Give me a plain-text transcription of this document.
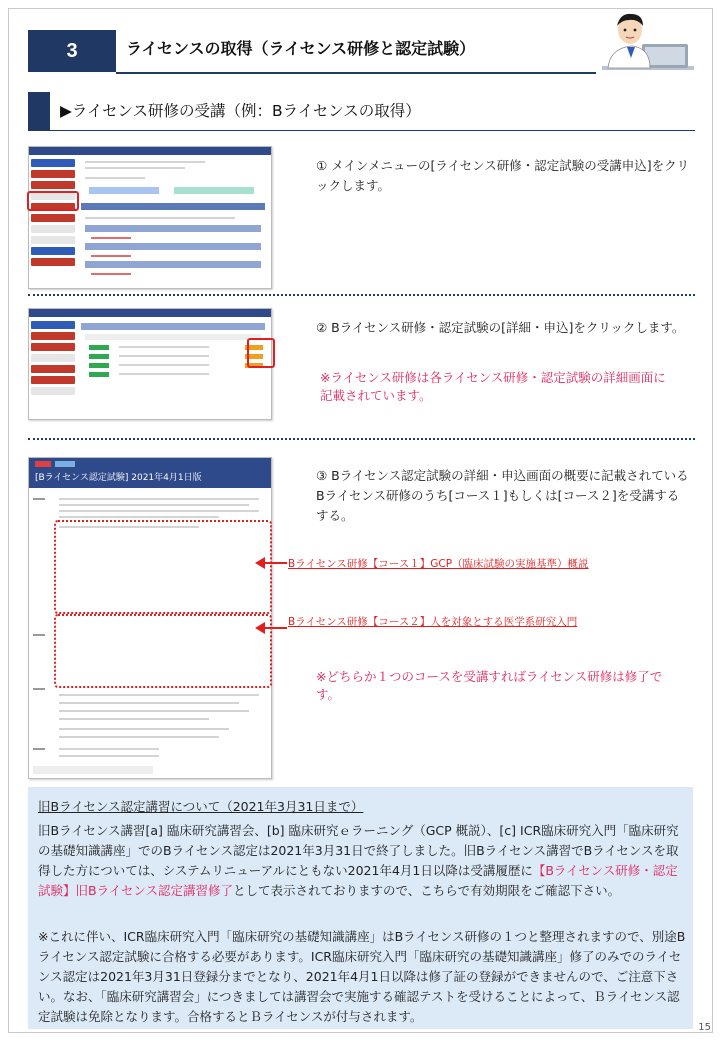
3	ライセンスの取得（ライセンス研修と認定試験）
▶ライセンス研修の受講（例：Bライセンスの取得）
① メインメニューの[ライセンス研修・認定試験の受講申込]をクリックします。
② Bライセンス研修・認定試験の[詳細・申込]をクリックします。
※ライセンス研修は各ライセンス研修・認定試験の詳細画面に記載されています。
[Bライセンス認定試験] 2021年4月1日版
Bライセンス研修【コース１】GCP（臨床試験の実施基準）概説
Bライセンス研修【コース２】人を対象とする医学系研究入門
③ Bライセンス認定試験の詳細・申込画面の概要に記載されているBライセンス研修のうち[コース１]もしくは[コース２]を受講するする。
※どちらか１つのコースを受講すればライセンス研修は修了です。
旧Bライセンス認定講習について（2021年3月31日まで）
旧Bライセンス講習[a] 臨床研究講習会、[b] 臨床研究ｅラーニング（GCP 概説）、[c] ICR臨床研究入門「臨床研究の基礎知識講座」でのBライセンス認定は2021年3月31日で終了しました。旧Bライセンス講習でBライセンスを取得した方については、システムリニューアルにともない2021年4月1日以降は受講履歴に【Bライセンス研修・認定試験】旧Bライセンス認定講習修了として表示されておりますので、こちらで有効期限をご確認下さい。
※これに伴い、ICR臨床研究入門「臨床研究の基礎知識講座」はBライセンス研修の１つと整理されますので、別途Bライセンス認定試験に合格する必要があります。ICR臨床研究入門「臨床研究の基礎知識講座」修了のみでのライセンス認定は2021年3月31日登録分までとなり、2021年4月1日以降は修了証の登録ができませんので、ご注意下さい。なお、「臨床研究講習会」につきましては講習会で実施する確認テストを受けることによって、Ｂライセンス認定試験は免除となります。合格するとＢライセンスが付与されます。
15
